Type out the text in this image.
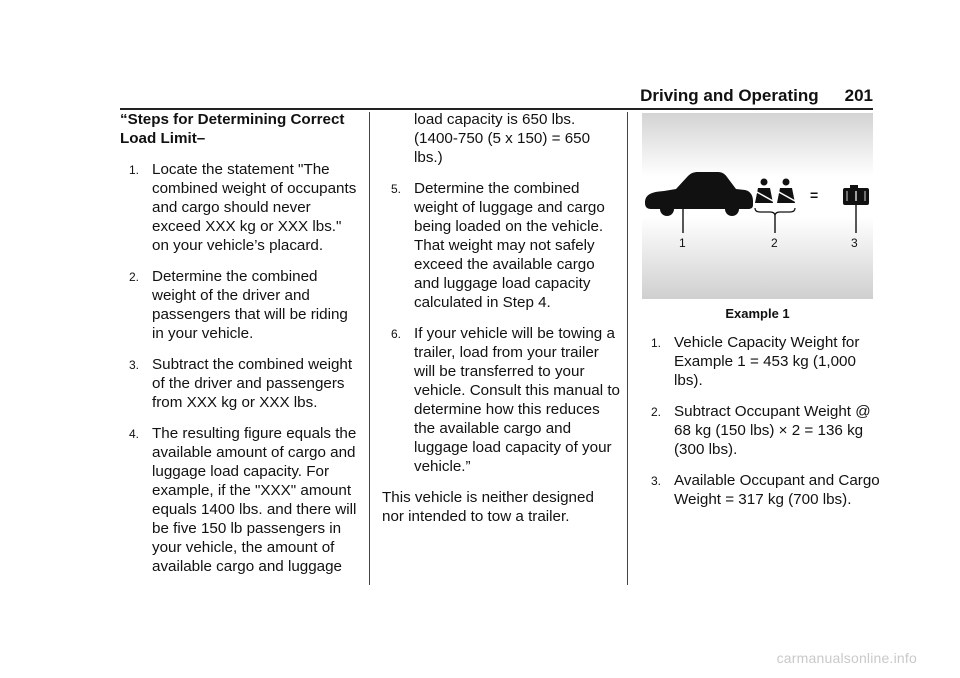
Driving and Operating 201

“Steps for Determining Correct Load Limit–

1. Locate the statement "The combined weight of occupants and cargo should never exceed XXX kg or XXX lbs." on your vehicle’s placard.
2. Determine the combined weight of the driver and passengers that will be riding in your vehicle.
3. Subtract the combined weight of the driver and passengers from XXX kg or XXX lbs.
4. The resulting figure equals the available amount of cargo and luggage load capacity. For example, if the "XXX" amount equals 1400 lbs. and there will be five 150 lb passengers in your vehicle, the amount of available cargo and luggage

load capacity is 650 lbs. (1400-750 (5 x 150) = 650 lbs.)

5. Determine the combined weight of luggage and cargo being loaded on the vehicle. That weight may not safely exceed the available cargo and luggage load capacity calculated in Step 4.
6. If your vehicle will be towing a trailer, load from your trailer will be transferred to your vehicle. Consult this manual to determine how this reduces the available cargo and luggage load capacity of your vehicle.”

This vehicle is neither designed nor intended to tow a trailer.

1
–
2
=
3
Example 1
1. Vehicle Capacity Weight for Example 1 = 453 kg (1,000 lbs).
2. Subtract Occupant Weight @ 68 kg (150 lbs) × 2 = 136 kg (300 lbs).
3. Available Occupant and Cargo Weight = 317 kg (700 lbs).
carmanualsonline.info
